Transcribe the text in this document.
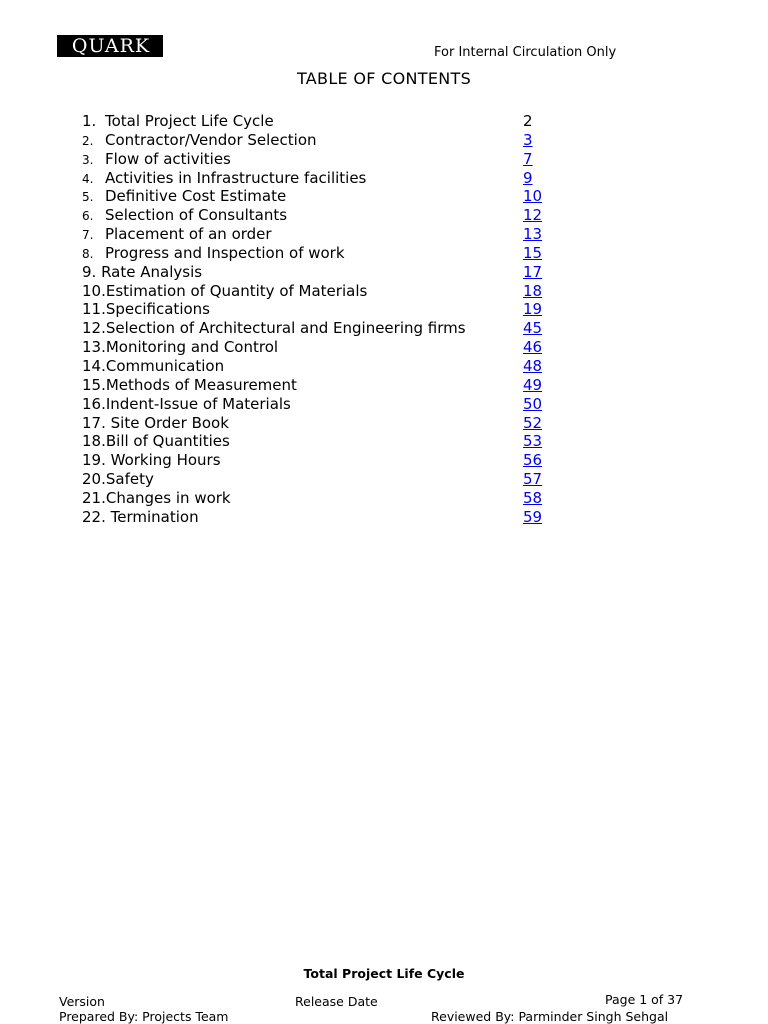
QUARK	For Internal Circulation Only
TABLE OF CONTENTS
1. Total Project Life Cycle	2
2. Contractor/Vendor Selection	3
3. Flow of activities	7
4. Activities in Infrastructure facilities	9
5. Definitive Cost Estimate	10
6. Selection of Consultants	12
7. Placement of an order	13
8. Progress and Inspection of work	15
9. Rate Analysis	17
10.Estimation of Quantity of Materials	18
11.Specifications	19
12.Selection of Architectural and Engineering firms	45
13.Monitoring and Control	46
14.Communication	48
15.Methods of Measurement	49
16.Indent-Issue of Materials	50
17. Site Order Book	52
18.Bill of Quantities	53
19. Working Hours	56
20.Safety	57
21.Changes in work	58
22. Termination	59
Total Project Life Cycle
Version	Release Date	Page 1 of 37
Prepared By: Projects Team	Reviewed By: Parminder Singh Sehgal
